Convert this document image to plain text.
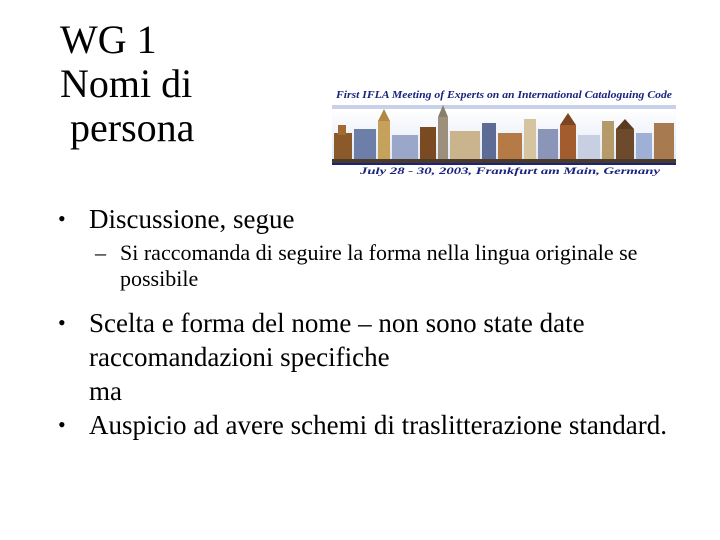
WG 1
Nomi di
persona
First IFLA Meeting of Experts on an International Cataloguing Code
July 28 - 30, 2003, Frankfurt am Main, Germany
• Discussione, segue
– Si raccomanda di seguire la forma nella lingua originale se possibile
• Scelta e forma del nome – non sono state date raccomandazioni specifiche
ma
• Auspicio ad avere schemi di traslitterazione standard.
